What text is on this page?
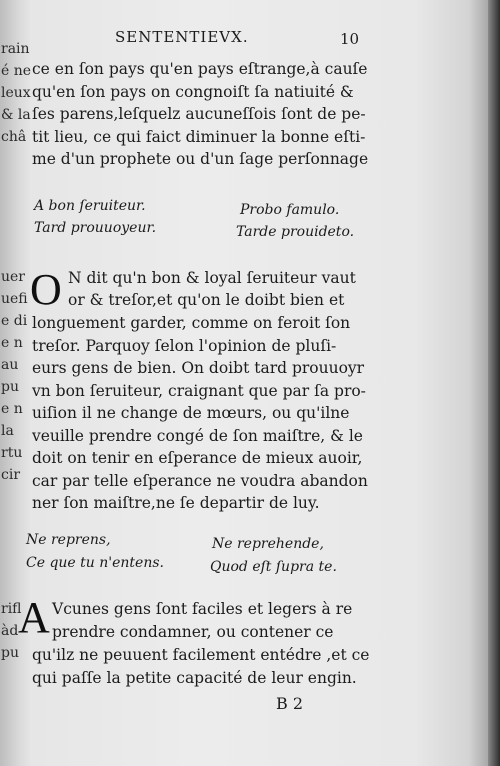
rain
é ne
leux
& la
châ
uer
uefi
e di
e n
au
pu
e n
la
rtu
cir
rifl
àd
pu
SENTENTIEVX.	10
ce en ſon pays qu'en pays eſtrange,à cauſe
qu'en ſon pays on congnoiſt ſa natiuité &
ſes parens,leſquelz aucuneſſois ſont de pe-
tit lieu, ce qui faict diminuer la bonne eſti-
me d'un prophete ou d'un ſage perſonnage
A bon ſeruiteur.
Tard prouuoyeur.
Probo famulo.
Tarde prouideto.
O N dit qu'n bon & loyal ſeruiteur vaut
or & treſor,et qu'on le doibt bien et
longuement garder, comme on feroit ſon
treſor. Parquoy ſelon l'opinion de pluſi-
eurs gens de bien. On doibt tard prouuoyr
vn bon ſeruiteur, craignant que par ſa pro-
uiſion il ne change de mœurs, ou qu'ilne
veuille prendre congé de ſon maiſtre, & le
doit on tenir en eſperance de mieux auoir,
car par telle eſperance ne voudra abandon
ner ſon maiſtre,ne ſe departir de luy.
Ne reprens,
Ce que tu n'entens.
Ne reprehende,
Quod eſt ſupra te.
A Vcunes gens ſont faciles et legers à re
prendre condamner, ou contener ce
qu'ilz ne peuuent facilement entédre ,et ce
qui paſſe la petite capacité de leur engin.
B 2
